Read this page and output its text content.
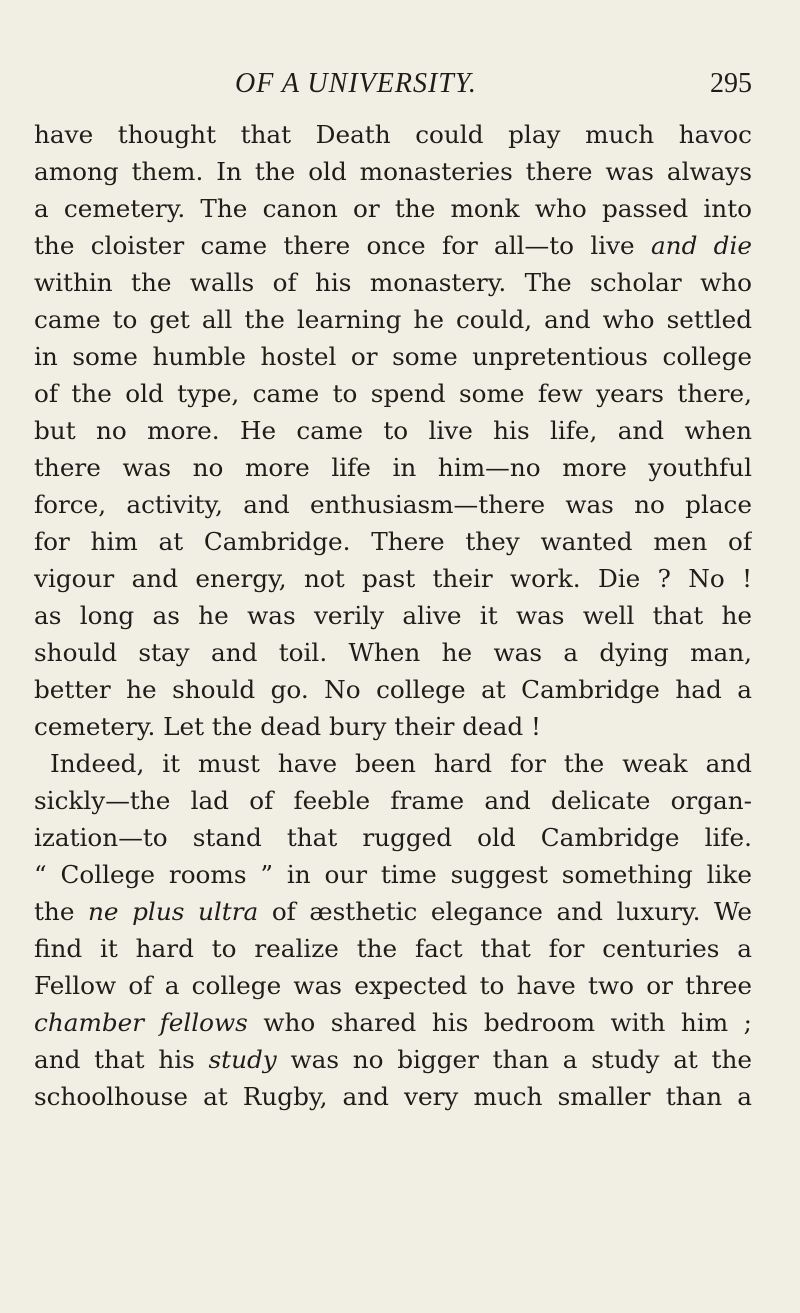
OF A UNIVERSITY.	295
have thought that Death could play much havoc
among them. In the old monasteries there was always
a cemetery. The canon or the monk who passed into
the cloister came there once for all—to live and die
within the walls of his monastery. The scholar who
came to get all the learning he could, and who settled
in some humble hostel or some unpretentious college
of the old type, came to spend some few years there,
but no more. He came to live his life, and when
there was no more life in him—no more youthful
force, activity, and enthusiasm—there was no place
for him at Cambridge. There they wanted men of
vigour and energy, not past their work. Die ? No !
as long as he was verily alive it was well that he
should stay and toil. When he was a dying man,
better he should go. No college at Cambridge had a
cemetery. Let the dead bury their dead !
Indeed, it must have been hard for the weak and
sickly—the lad of feeble frame and delicate organ-
ization—to stand that rugged old Cambridge life.
“ College rooms ” in our time suggest something like
the ne plus ultra of æsthetic elegance and luxury. We
find it hard to realize the fact that for centuries a
Fellow of a college was expected to have two or three
chamber fellows who shared his bedroom with him ;
and that his study was no bigger than a study at the
schoolhouse at Rugby, and very much smaller than a
